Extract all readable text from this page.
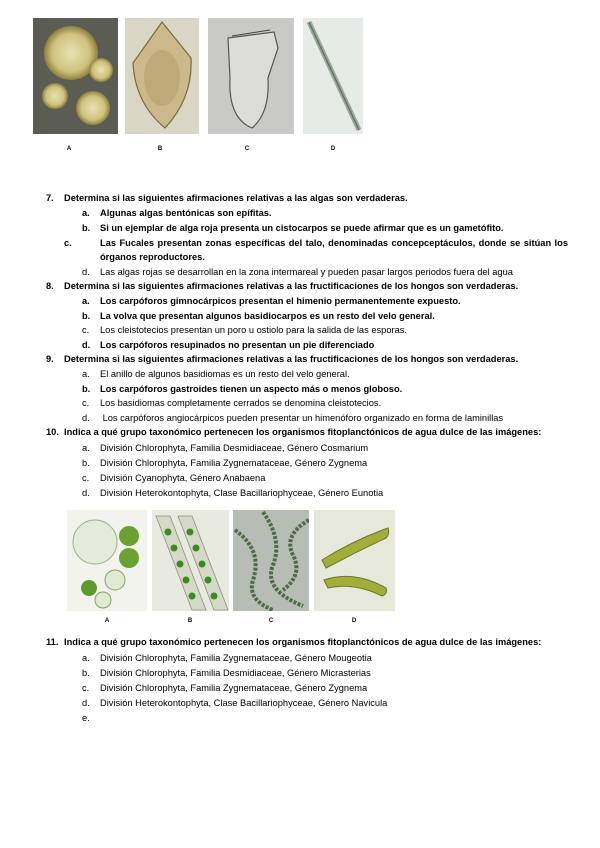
A	B	C	D
7. Determina si las siguientes afirmaciones relativas a las algas son verdaderas.
a. Algunas algas bentónicas son epífitas.
b. Si un ejemplar de alga roja presenta un cistocarpos se puede afirmar que es un gametófito.
c.	Las Fucales presentan zonas específicas del talo, denominadas concepceptáculos, donde se sitúan los órganos reproductores.
d. Las algas rojas se desarrollan en la zona intermareal y pueden pasar largos periodos fuera del agua
8. Determina si las siguientes afirmaciones relativas a las fructificaciones de los hongos son verdaderas.
a. Los carpóforos gimnocárpicos presentan el himenio permanentemente expuesto.
b. La volva que presentan algunos basidiocarpos es un resto del velo general.
c. Los cleistotecios presentan un poro u ostiolo para la salida de las esporas.
d. Los carpóforos resupinados no presentan un pie diferenciado
9. Determina si las siguientes afirmaciones relativas a las fructificaciones de los hongos son verdaderas.
a. El anillo de algunos basidiomas es un resto del velo general.
b. Los carpóforos gastroides tienen un aspecto más o menos globoso.
c. Los basidiomas completamente cerrados se denomina cleistotecios.
d. Los carpóforos angiocárpicos pueden presentar un himenóforo organizado en forma de laminillas
10. Indica a qué grupo taxonómico pertenecen los organismos fitoplanctónicos de agua dulce de las imágenes:
a. División Chlorophyta, Familia Desmidiaceae, Género Cosmarium
b. División Chlorophyta, Familia Zygnemataceae, Género Zygnema
c. División Cyanophyta, Género Anabaena
d. División Heterokontophyta, Clase Bacillariophyceae, Género Eunotia
A	B	C	D
11. Indica a qué grupo taxonómico pertenecen los organismos fitoplanctónicos de agua dulce de las imágenes:
a. División Chlorophyta, Familia Zygnemataceae, Género Mougeotia
b. División Chlorophyta, Familia Desmidiaceae, Género Micrasterias
c. División Chlorophyta, Familia Zygnemataceae, Género Zygnema
d. División Heterokontophyta, Clase Bacillariophyceae, Género Navicula
e.
